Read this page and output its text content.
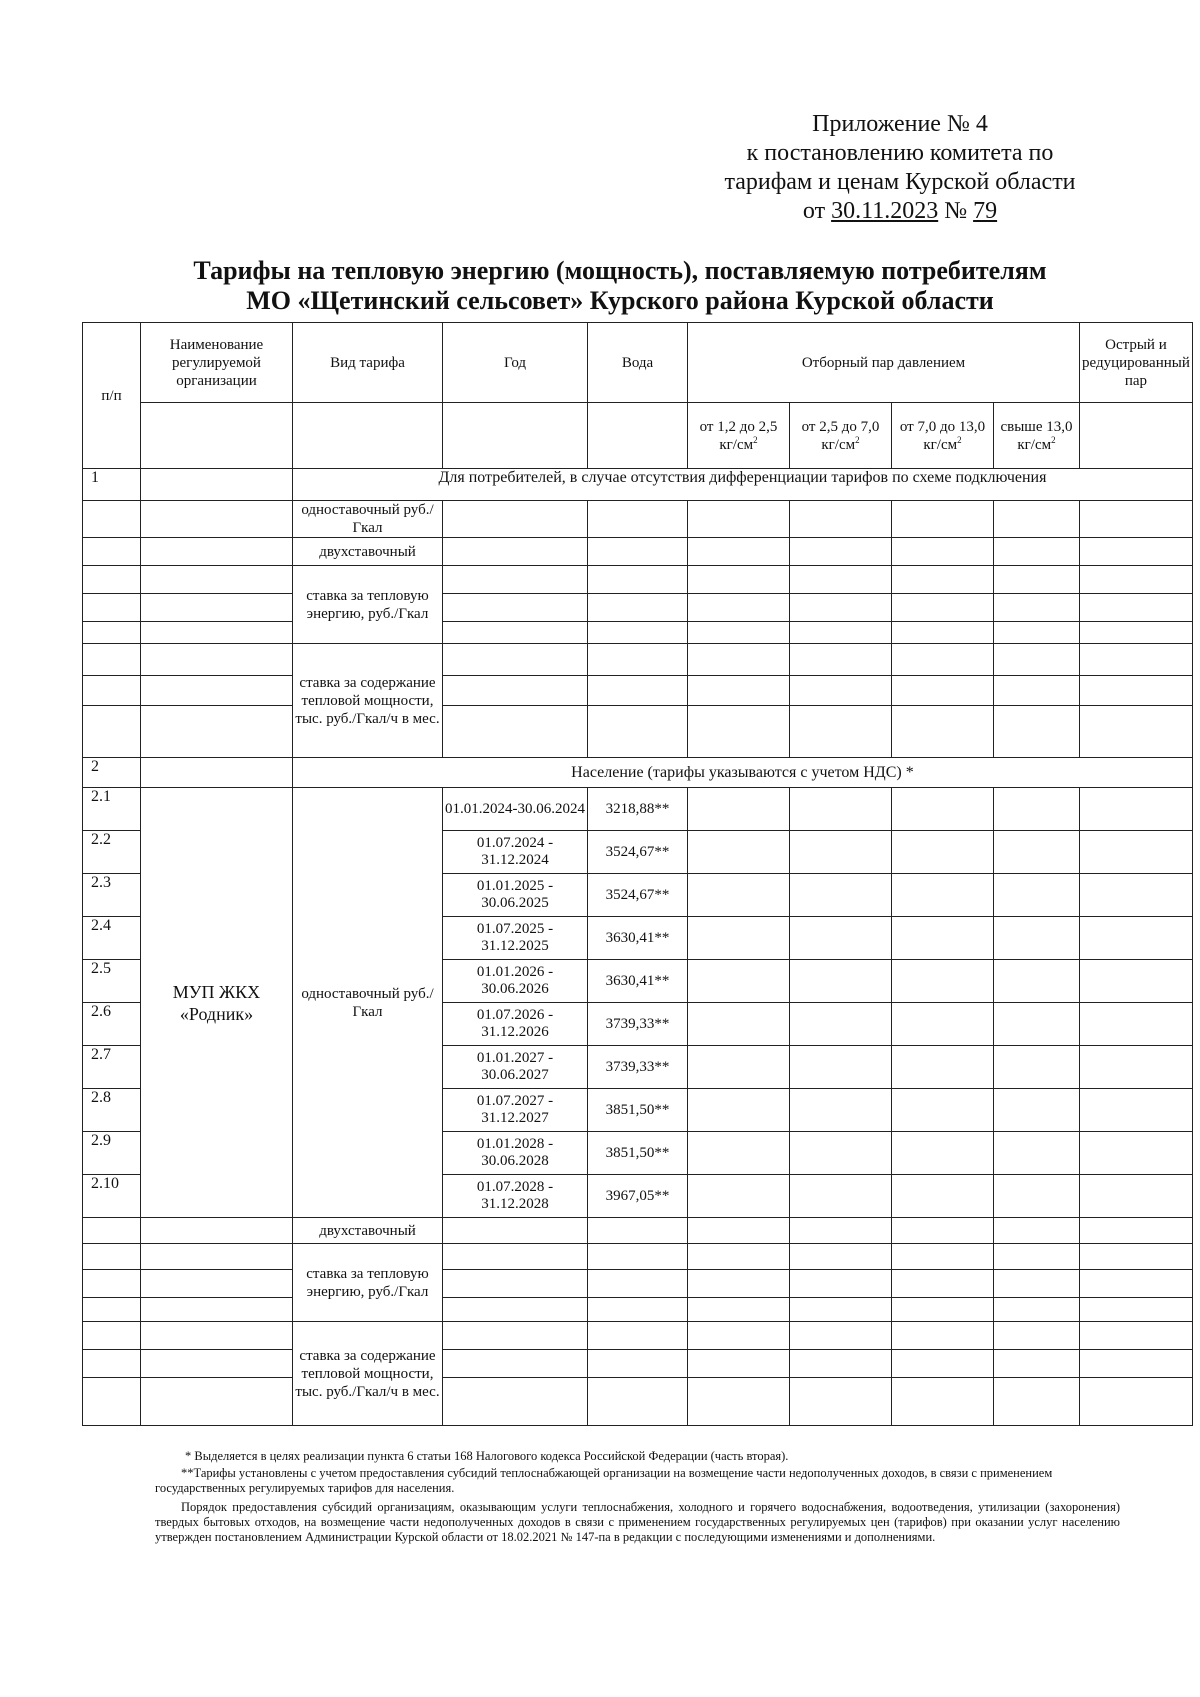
Приложение № 4
к постановлению комитета по
тарифам и ценам Курской области
от 30.11.2023 № 79
Тарифы на тепловую энергию (мощность), поставляемую потребителям
МО «Щетинский сельсовет» Курского района Курской области
п/п	Наименование регулируемой организации	Вид тарифа	Год	Вода	Отборный пар давлением				Острый и редуцированный пар
					от 1,2 до 2,5 $кг/см^2$	от 2,5 до 7,0 $кг/см^2$	от 7,0 до 13,0 $кг/см^2$	свыше 13,0 $кг/см^2$	
1		Для потребителей, в случае отсутствия дифференциации тарифов по схеме подключения							
		одноставочный руб./Гкал							
		двухставочный							
		ставка за тепловую энергию, руб./Гкал							

		ставка за содержание тепловой мощности, тыс. руб./Гкал/ч в мес.							

2		Население (тарифы указываются с учетом НДС) *							
2.1	МУП ЖКХ «Родник»	одноставочный руб./Гкал	01.01.2024-30.06.2024	3218,88**					
2.2			01.07.2024 - 31.12.2024	3524,67**					
2.3			01.01.2025 - 30.06.2025	3524,67**					
2.4			01.07.2025 - 31.12.2025	3630,41**					
2.5			01.01.2026 - 30.06.2026	3630,41**					
2.6			01.07.2026 - 31.12.2026	3739,33**					
2.7			01.01.2027 - 30.06.2027	3739,33**					
2.8			01.07.2027 - 31.12.2027	3851,50**					
2.9			01.01.2028 - 30.06.2028	3851,50**					
2.10			01.07.2028 - 31.12.2028	3967,05**					
		двухставочный							
		ставка за тепловую энергию, руб./Гкал							

		ставка за содержание тепловой мощности, тыс. руб./Гкал/ч в мес.							

* Выделяется в целях реализации пункта 6 статьи 168 Налогового кодекса Российской Федерации (часть вторая).

**Тарифы установлены с учетом предоставления субсидий теплоснабжающей организации на возмещение части недополученных доходов, в связи с применением государственных регулируемых тарифов для населения.

Порядок предоставления субсидий организациям, оказывающим услуги теплоснабжения, холодного и горячего водоснабжения, водоотведения, утилизации (захоронения) твердых бытовых отходов, на возмещение части недополученных доходов в связи с применением государственных регулируемых цен (тарифов) при оказании услуг населению утвержден постановлением Администрации Курской области от 18.02.2021 № 147-па в редакции с последующими изменениями и дополнениями.
